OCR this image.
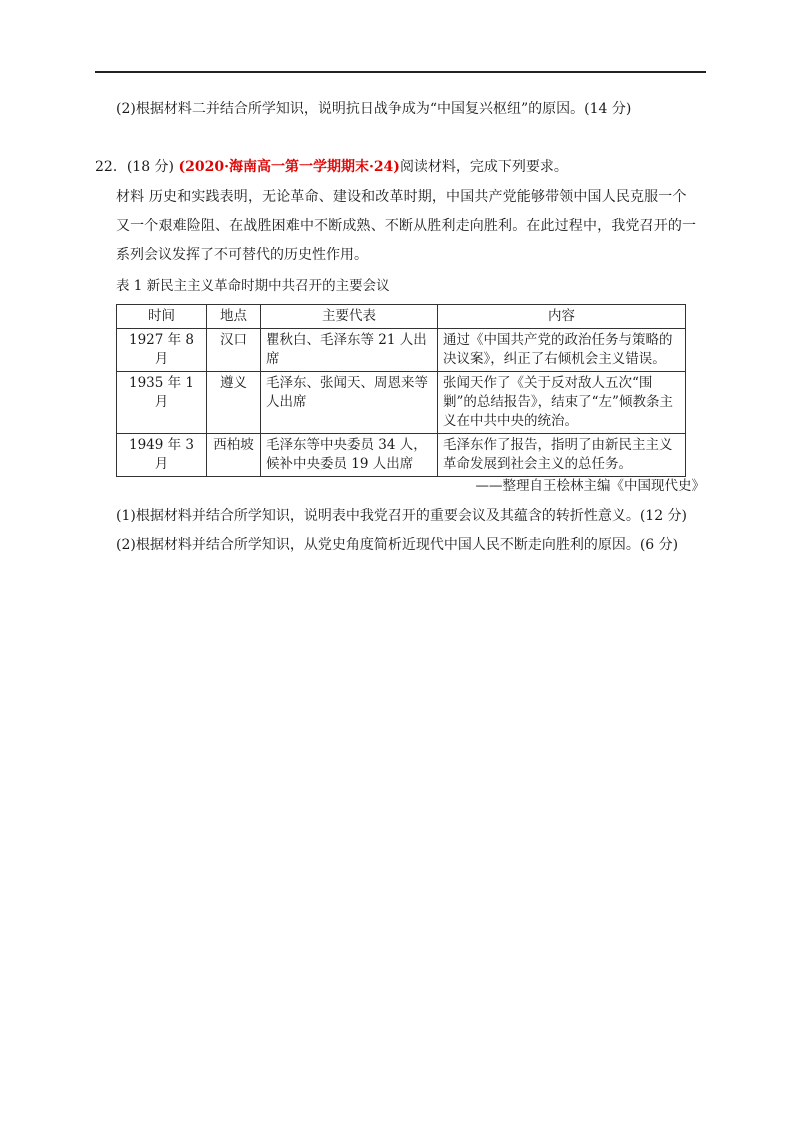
(2)根据材料二并结合所学知识，说明抗日战争成为“中国复兴枢纽”的原因。(14 分)
22．(18 分) (2020·海南高一第一学期期末·24)阅读材料，完成下列要求。
材料 历史和实践表明，无论革命、建设和改革时期，中国共产党能够带领中国人民克服一个
又一个艰难险阻、在战胜困难中不断成熟、不断从胜利走向胜利。在此过程中，我党召开的一
系列会议发挥了不可替代的历史性作用。
表 1 新民主主义革命时期中共召开的主要会议
时间	地点	主要代表	内容
1927 年 8 月	汉口	瞿秋白、毛泽东等 21 人出席	通过《中国共产党的政治任务与策略的决议案》，纠正了右倾机会主义错误。
1935 年 1 月	遵义	毛泽东、张闻天、周恩来等人出席	张闻天作了《关于反对敌人五次“围剿”的总结报告》，结束了“左”倾教条主义在中共中央的统治。
1949 年 3 月	西柏坡	毛泽东等中央委员 34 人，候补中央委员 19 人出席	毛泽东作了报告，指明了由新民主主义革命发展到社会主义的总任务。
——整理自王桧林主编《中国现代史》
(1)根据材料并结合所学知识，说明表中我党召开的重要会议及其蕴含的转折性意义。(12 分)
(2)根据材料并结合所学知识，从党史角度简析近现代中国人民不断走向胜利的原因。(6 分)
